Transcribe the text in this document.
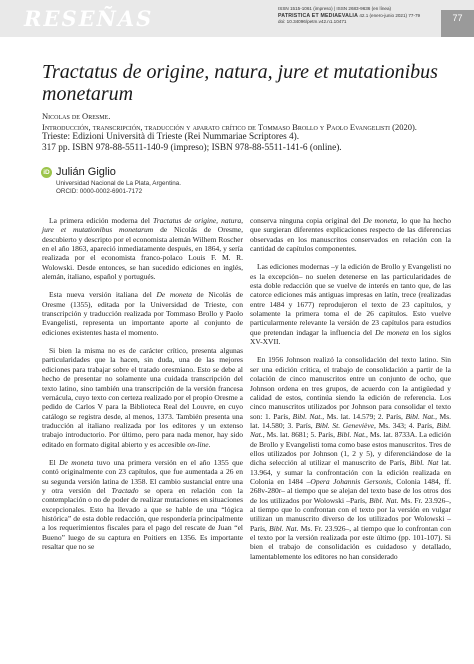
RESEÑAS	ISSN 1515-1061 (impreso) | ISSN 2683-9636 (en línea)
PATRISTICA ET MEDIAEVALIA 42.1 (enero-junio 2021) 77-79
doi: 10.34096/petm.v42.n1.10471	77
Tractatus de origine, natura, jure et mutationibus monetarum
Nicolas de Oresme.
Introducción, transcripción, traducción y aparato crítico de Tommaso Brollo y Paolo Evangelisti (2020).
Trieste: Edizioni Università di Trieste (Rei Nummariae Scriptores 4).
317 pp. ISBN 978-88-5511-140-9 (impreso); ISBN 978-88-5511-141-6 (online).
iD Julián Giglio
Universidad Nacional de La Plata, Argentina.
ORCID: 0000-0002-6901-7172

La primera edición moderna del Tractatus de origine, natura, jure et mutationibus monetarum de Nicolás de Oresme, descubierto y descripto por el economista alemán Wilhem Roscher en el año 1863, apareció inmediatamente después, en 1864, y sería realizada por el economista franco-polaco Louis F. M. R. Wolowski. Desde entonces, se han sucedido ediciones en inglés, alemán, italiano, español y portugués.

Esta nueva versión italiana del De moneta de Nicolás de Oresme (1355), editada por la Universidad de Trieste, con transcripción y traducción realizada por Tommaso Brollo y Paolo Evangelisti, representa un importante aporte al conjunto de ediciones existentes hasta el momento.

Si bien la misma no es de carácter crítico, presenta algunas particularidades que la hacen, sin duda, una de las mejores ediciones para trabajar sobre el tratado oresmiano. Esto se debe al hecho de presentar no solamente una cuidada transcripción del texto latino, sino también una transcripción de la versión francesa vernácula, cuyo texto con certeza realizado por el propio Oresme a pedido de Carlos V para la Biblioteca Real del Louvre, en cuyo catálogo se registra desde, al menos, 1373. También presenta una traducción al italiano realizada por los editores y un extenso trabajo introductorio. Por último, pero para nada menor, hay sido editado en formato digital abierto y es accesible on-line.

El De moneta tuvo una primera versión en el año 1355 que contó originalmente con 23 capítulos, que fue aumentada a 26 en su segunda versión latina de 1358. El cambio sustancial entre una y otra versión del Tractado se opera en relación con la contemplación o no de poder de realizar mutaciones en situaciones excepcionales. Esto ha llevado a que se hable de una “lógica histórica” de esta doble redacción, que respondería principalmente a los requerimientos fiscales para el pago del rescate de Juan “el Bueno” luego de su captura en Poitiers en 1356. Es importante resaltar que no se

conserva ninguna copia original del De moneta, lo que ha hecho que surgieran diferentes explicaciones respecto de las diferencias observadas en los manuscritos conservados en relación con la cantidad de capítulos componentes.

Las ediciones modernas –y la edición de Brollo y Evangelisti no es la excepción– no suelen detenerse en las particularidades de esta doble redacción que se vuelve de interés en tanto que, de las catorce ediciones más antiguas impresas en latín, trece (realizadas entre 1484 y 1677) reprodujeron el texto de 23 capítulos, y solamente la primera toma el de 26 capítulos. Esto vuelve particularmente relevante la versión de 23 capítulos para estudios que pretendan indagar la influencia del De moneta en los siglos XV-XVII.

En 1956 Johnson realizó la consolidación del texto latino. Sin ser una edición crítica, el trabajo de consolidación a partir de la colación de cinco manuscritos entre un conjunto de ocho, que Johnson ordena en tres grupos, de acuerdo con la antigüedad y calidad de estos, continúa siendo la edición de referencia. Los cinco manuscritos utilizados por Johnson para consolidar el texto son: 1. París, Bibl. Nat., Ms. lat. 14.579; 2. París, Bibl. Nat., Ms. lat. 14.580; 3. París, Bibl. St. Geneviève, Ms. 343; 4. París, Bibl. Nat., Ms. lat. 8681; 5. París, Bibl. Nat., Ms. lat. 8733A. La edición de Brollo y Evangelisti toma como base estos manuscritos. Tres de ellos utilizados por Johnson (1, 2 y 5), y diferenciándose de la dicha selección al utilizar el manuscrito de París, Bibl. Nat lat. 13.964, y sumar la confrontación con la edición realizada en Colonia en 1484 –Opera Johannis Gersonis, Colonia 1484, ff. 268v-280r– al tiempo que se alejan del texto base de los otros dos de los utilizados por Wolowski –París, Bibl. Nat. Ms. Fr. 23.926–, al tiempo que lo confrontan con el texto por la versión en vulgar utilizan un manuscrito diverso de los utilizados por Wolowski –París, Bibl. Nat. Ms. Fr. 23.926–, al tiempo que lo confrontan con el texto por la versión realizada por este último (pp. 101-107). Si bien el trabajo de consolidación es cuidadoso y detallado, lamentablemente los editores no han considerado
